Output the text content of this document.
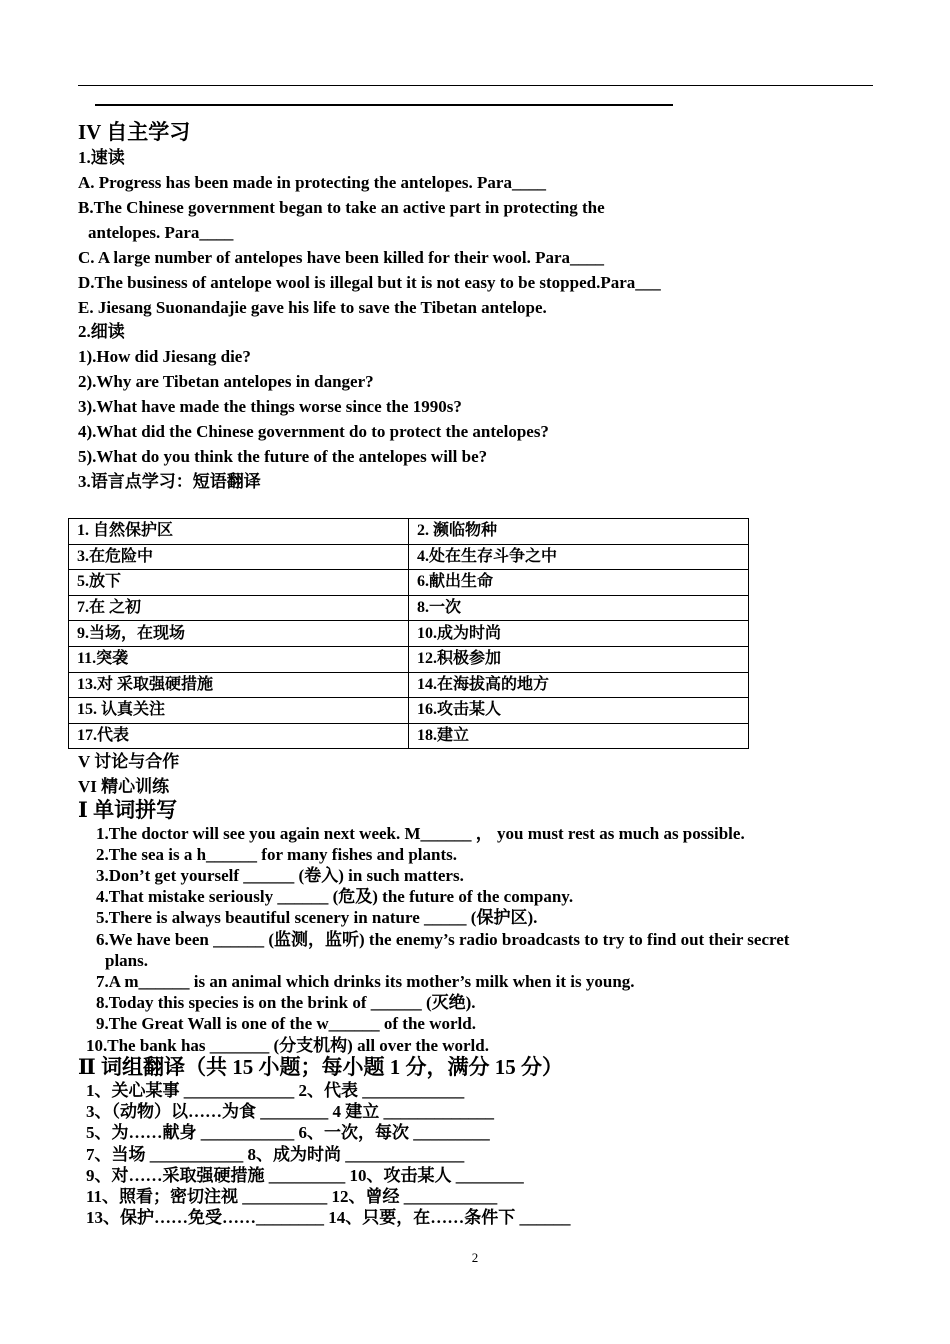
IV 自主学习
1.速读
A. Progress has been made in protecting the antelopes. Para____
B.The Chinese government began to take an active part in protecting the
antelopes. Para____
C. A large number of antelopes have been killed for their wool. Para____
D.The business of antelope wool is illegal but it is not easy to be stopped.Para___
E. Jiesang Suonandajie gave his life to save the Tibetan antelope.
2.细读
1).How did Jiesang die?
2).Why are Tibetan antelopes in danger?
3).What have made the things worse since the 1990s?
4).What did the Chinese government do to protect the antelopes?
5).What do you think the future of the antelopes will be?
3.语言点学习：短语翻译
1. 自然保护区	2. 濒临物种
3.在危险中	4.处在生存斗争之中
5.放下	6.献出生命
7.在 之初	8.一次
9.当场，在现场	10.成为时尚
11.突袭	12.积极参加
13.对 采取强硬措施	14.在海拔高的地方
15. 认真关注	16.攻击某人
17.代表	18.建立
V 讨论与合作
VI 精心训练
Ⅰ 单词拼写
1.The doctor will see you again next week. M______ ， you must rest as much as possible.
2.The sea is a h______ for many fishes and plants.
3.Don’t get yourself ______ (卷入) in such matters.
4.That mistake seriously ______ (危及) the future of the company.
5.There is always beautiful scenery in nature _____ (保护区).
6.We have been ______ (监测，监听) the enemy’s radio broadcasts to try to find out their secret
plans.
7.A m______ is an animal which drinks its mother’s milk when it is young.
8.Today this species is on the brink of ______ (灭绝).
9.The Great Wall is one of the w______ of the world.
10.The bank has _______ (分支机构) all over the world.
Ⅱ 词组翻译（共 15 小题；每小题 1 分，满分 15 分）
1、关心某事 _____________ 2、代表 ____________
3、（动物）以……为食 ________ 4 建立 _____________
5、为……献身 ___________ 6、一次，每次 _________
7、当场 ___________ 8、成为时尚 ______________
9、对……采取强硬措施 _________ 10、攻击某人 ________
11、照看；密切注视 __________ 12、曾经 ___________
13、保护……免受……________ 14、只要，在……条件下 ______
2
